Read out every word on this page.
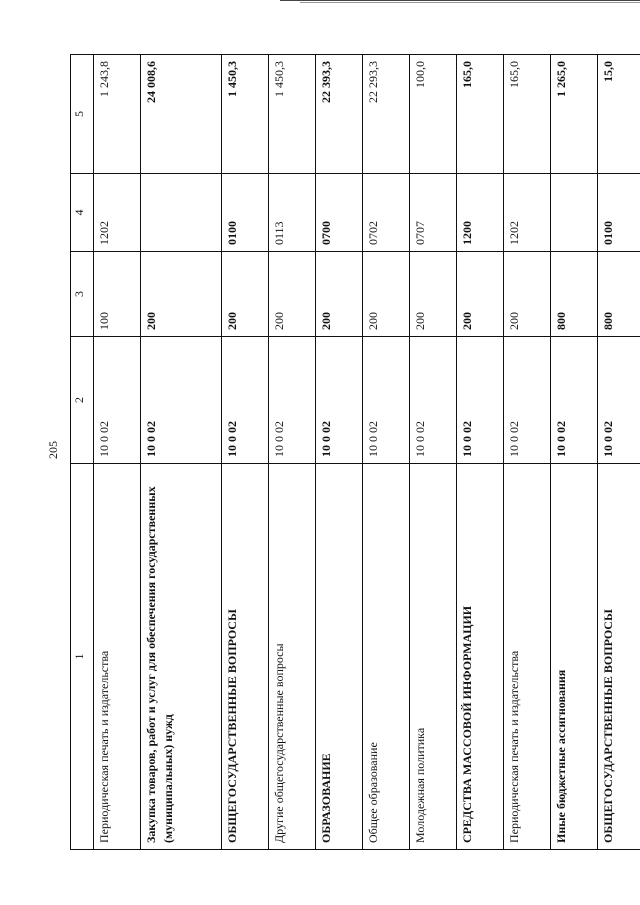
205
1	2	3	4	5
Периодическая печать и издательства	10 0 02	100	1202	1 243,8
Закупка товаров, работ и услуг для обеспечения государственных (муниципальных) нужд	10 0 02	200		24 008,6
ОБЩЕГОСУДАРСТВЕННЫЕ ВОПРОСЫ	10 0 02	200	0100	1 450,3
Другие общегосударственные вопросы	10 0 02	200	0113	1 450,3
ОБРАЗОВАНИЕ	10 0 02	200	0700	22 393,3
Общее образование	10 0 02	200	0702	22 293,3
Молодежная политика	10 0 02	200	0707	100,0
СРЕДСТВА МАССОВОЙ ИНФОРМАЦИИ	10 0 02	200	1200	165,0
Периодическая печать и издательства	10 0 02	200	1202	165,0
Иные бюджетные ассигнования	10 0 02	800		1 265,0
ОБЩЕГОСУДАРСТВЕННЫЕ ВОПРОСЫ	10 0 02	800	0100	15,0
